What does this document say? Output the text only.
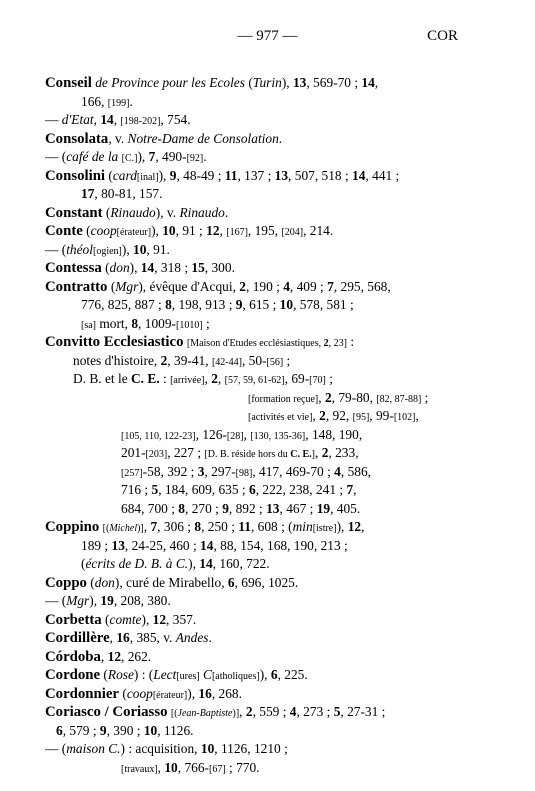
— 977 —	COR
Conseil de Province pour les Ecoles (Turin), 13, 569-70 ; 14,
166, [199].
— d'Etat, 14, [198-202], 754.
Consolata, v. Notre-Dame de Consolation.
— (café de la [C.]), 7, 490-[92].
Consolini (card[inal]), 9, 48-49 ; 11, 137 ; 13, 507, 518 ; 14, 441 ;
17, 80-81, 157.
Constant (Rinaudo), v. Rinaudo.
Conte (coop[érateur]), 10, 91 ; 12, [167], 195, [204], 214.
— (théol[ogien]), 10, 91.
Contessa (don), 14, 318 ; 15, 300.
Contratto (Mgr), évêque d'Acqui, 2, 190 ; 4, 409 ; 7, 295, 568,
776, 825, 887 ; 8, 198, 913 ; 9, 615 ; 10, 578, 581 ;
[sa] mort, 8, 1009-[1010] ;
Convitto Ecclesiastico [Maison d'Etudes ecclésiastiques, 2, 23] :
notes d'histoire, 2, 39-41, [42-44], 50-[56] ;
D. B. et le C. E. : [arrivée], 2, [57, 59, 61-62], 69-[70] ;
[formation reçue], 2, 79-80, [82, 87-88] ;
[activités et vie], 2, 92, [95], 99-[102],
[105, 110, 122-23], 126-[28], [130, 135-36], 148, 190,
201-[203], 227 ; [D. B. réside hors du C. E.], 2, 233,
[257]-58, 392 ; 3, 297-[98], 417, 469-70 ; 4, 586,
716 ; 5, 184, 609, 635 ; 6, 222, 238, 241 ; 7,
684, 700 ; 8, 270 ; 9, 892 ; 13, 467 ; 19, 405.
Coppino [(Michel)], 7, 306 ; 8, 250 ; 11, 608 ; (min[istre]), 12,
189 ; 13, 24-25, 460 ; 14, 88, 154, 168, 190, 213 ;
(écrits de D. B. à C.), 14, 160, 722.
Coppo (don), curé de Mirabello, 6, 696, 1025.
— (Mgr), 19, 208, 380.
Corbetta (comte), 12, 357.
Cordillère, 16, 385, v. Andes.
Córdoba, 12, 262.
Cordone (Rose) : (Lect[ures] C[atholiques]), 6, 225.
Cordonnier (coop[érateur]), 16, 268.
Coriasco / Coriasso [(Jean-Baptiste)], 2, 559 ; 4, 273 ; 5, 27-31 ;
6, 579 ; 9, 390 ; 10, 1126.
— (maison C.) : acquisition, 10, 1126, 1210 ;
[travaux], 10, 766-[67] ; 770.
